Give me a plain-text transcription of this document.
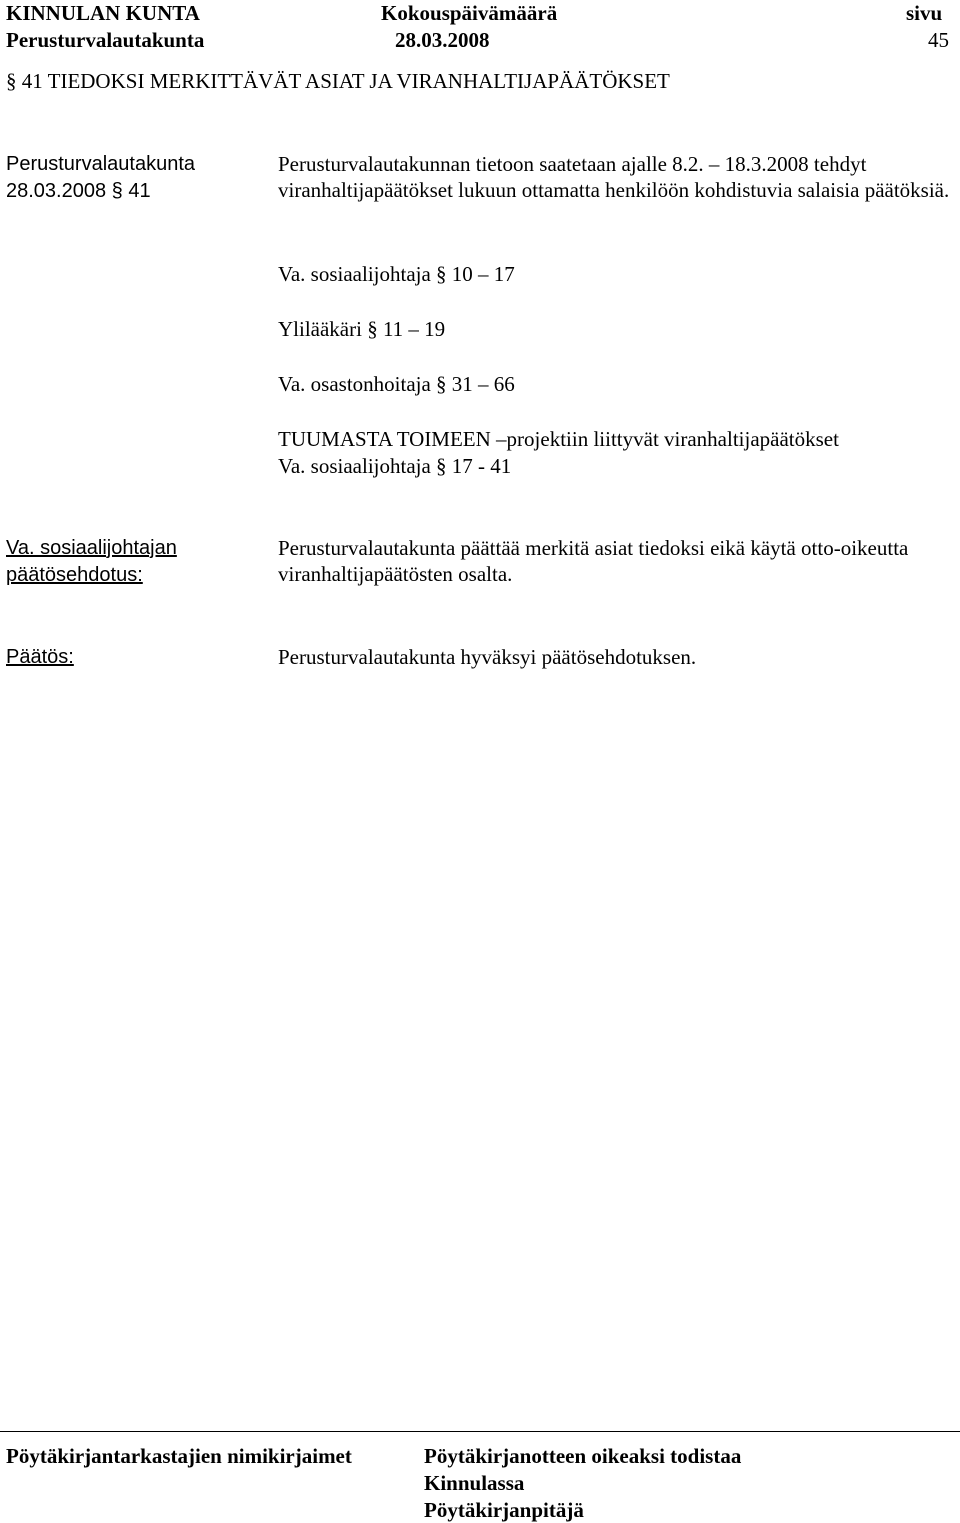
KINNULAN KUNTA
Perusturvalautakunta
Kokouspäivämäärä
28.03.2008
sivu
45
§ 41 TIEDOKSI MERKITTÄVÄT ASIAT JA VIRANHALTIJAPÄÄTÖKSET
Perusturvalautakunta
28.03.2008 § 41
Perusturvalautakunnan tietoon saatetaan ajalle 8.2. – 18.3.2008 tehdyt viranhaltijapäätökset lukuun ottamatta henkilöön kohdistuvia salaisia päätöksiä.
Va. sosiaalijohtaja § 10 – 17
Ylilääkäri § 11 – 19
Va. osastonhoitaja § 31 – 66
TUUMASTA TOIMEEN –projektiin liittyvät viranhaltijapäätökset
Va. sosiaalijohtaja § 17 - 41
Va. sosiaalijohtajan
päätösehdotus:
Perusturvalautakunta päättää merkitä asiat tiedoksi eikä käytä otto-oikeutta viranhaltijapäätösten osalta.
Päätös:	Perusturvalautakunta hyväksyi päätösehdotuksen.
Pöytäkirjantarkastajien nimikirjaimet	Pöytäkirjanotteen oikeaksi todistaa
Kinnulassa
Pöytäkirjanpitäjä
